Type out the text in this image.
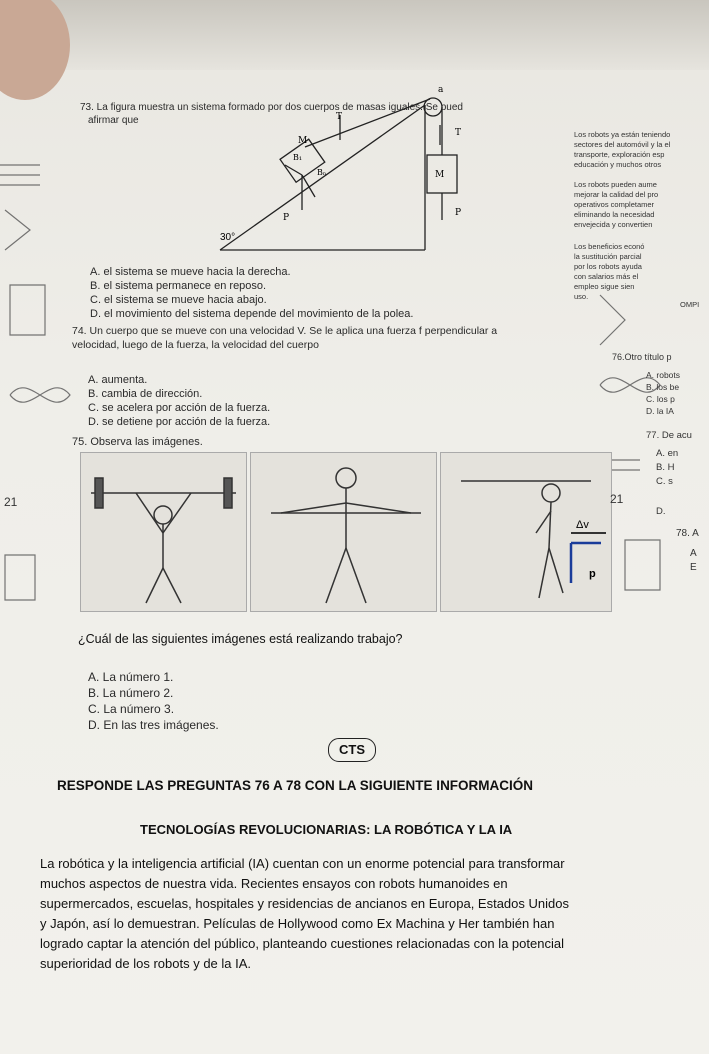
73. La figura muestra un sistema formado por dos cuerpos de masas iguales. Se pued
afirmar que
M
M
T
T
a
B₁
Bₙ
P	P
30°
A. el sistema se mueve hacia la derecha.
B. el sistema permanece en reposo.
C. el sistema se mueve hacia abajo.
D. el movimiento del sistema depende del movimiento de la polea.
74. Un cuerpo que se mueve con una velocidad V. Se le aplica una fuerza f perpendicular a
velocidad, luego de la fuerza, la velocidad del cuerpo
A. aumenta.
B. cambia de dirección.
C. se acelera por acción de la fuerza.
D. se detiene por acción de la fuerza.
75. Observa las imágenes.
Δv
p
21
¿Cuál de las siguientes imágenes está realizando trabajo?
A. La número 1.
B. La número 2.
C. La número 3.
D. En las tres imágenes.
CTS
RESPONDE LAS PREGUNTAS 76 A 78 CON LA SIGUIENTE INFORMACIÓN
TECNOLOGÍAS REVOLUCIONARIAS: LA ROBÓTICA Y LA IA
La robótica y la inteligencia artificial (IA) cuentan con un enorme potencial para transformar
muchos aspectos de nuestra vida. Recientes ensayos con robots humanoides en
supermercados, escuelas, hospitales y residencias de ancianos en Europa, Estados Unidos
y Japón, así lo demuestran. Películas de Hollywood como Ex Machina y Her también han
logrado captar la atención del público, planteando cuestiones relacionadas con la potencial
superioridad de los robots y de la IA.
Los robots ya están teniendo
sectores del automóvil y la el
transporte, exploración esp
educación y muchos otros
Los robots pueden aume
mejorar la calidad del pro
operativos completamer
eliminando la necesidad
envejecida y convertien
Los beneficios econó
la sustitución parcial
por los robots ayuda
con salarios más el
empleo sigue sien
uso.
OMPI
76.Otro título p
A. robots
B. los be
C. los p
D. la IA
77. De acu
A. en
B. H
C. s
D.
21
78. A
A
E
